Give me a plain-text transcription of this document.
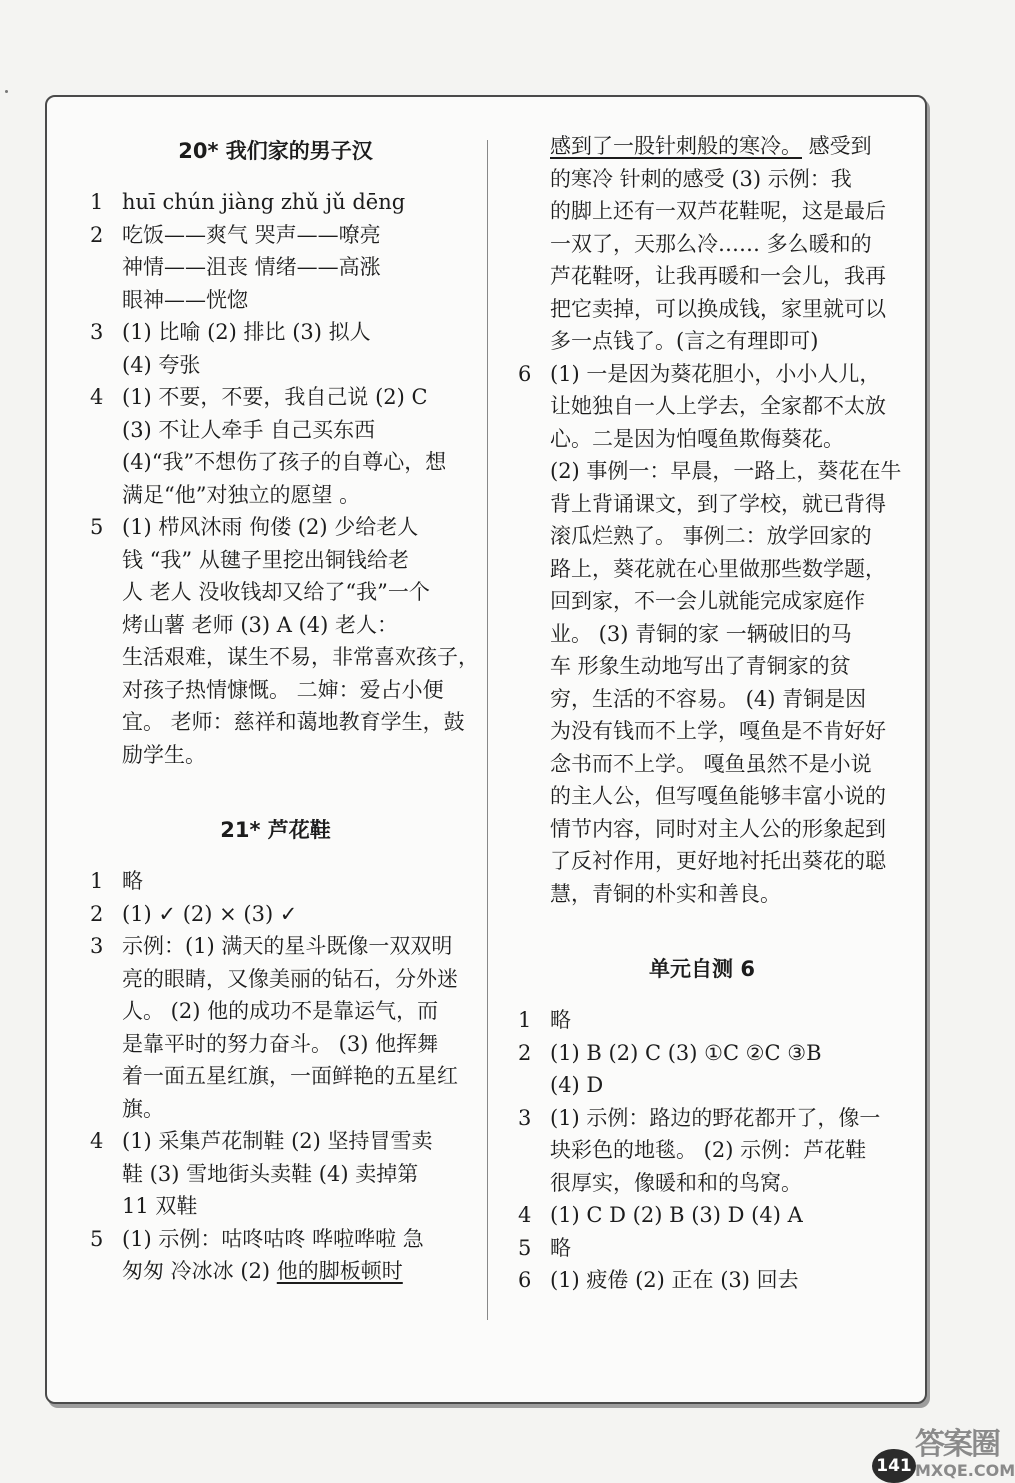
20* 我们家的男子汉
1 huī chún jiàng zhǔ jǔ dēng
2 吃饭——爽气 哭声——嘹亮
神情——沮丧 情绪——高涨
眼神——恍惚
3 (1) 比喻 (2) 排比 (3) 拟人
(4) 夸张
4 (1) 不要，不要，我自己说 (2) C
(3) 不让人牵手 自己买东西
(4)“我”不想伤了孩子的自尊心，想
满足“他”对独立的愿望 。
5 (1) 栉风沐雨 佝偻 (2) 少给老人
钱 “我” 从毽子里挖出铜钱给老
人 老人 没收钱却又给了“我”一个
烤山薯 老师 (3) A (4) 老人：
生活艰难，谋生不易，非常喜欢孩子，
对孩子热情慷慨。 二婶：爱占小便
宜。 老师：慈祥和蔼地教育学生，鼓
励学生。
21* 芦花鞋
1 略
2 (1) ✓ (2) × (3) ✓
3 示例：(1) 满天的星斗既像一双双明
亮的眼睛，又像美丽的钻石，分外迷
人。 (2) 他的成功不是靠运气，而
是靠平时的努力奋斗。 (3) 他挥舞
着一面五星红旗，一面鲜艳的五星红
旗。
4 (1) 采集芦花制鞋 (2) 坚持冒雪卖
鞋 (3) 雪地街头卖鞋 (4) 卖掉第
11 双鞋
5 (1) 示例：咕咚咕咚 哗啦哗啦 急
匆匆 冷冰冰 (2) 他的脚板顿时
感到了一股针刺般的寒冷。 感受到
的寒冷 针刺的感受 (3) 示例：我
的脚上还有一双芦花鞋呢，这是最后
一双了，天那么冷…… 多么暖和的
芦花鞋呀，让我再暖和一会儿，我再
把它卖掉，可以换成钱，家里就可以
多一点钱了。(言之有理即可)
6 (1) 一是因为葵花胆小，小小人儿，
让她独自一人上学去，全家都不太放
心。二是因为怕嘎鱼欺侮葵花。
(2) 事例一：早晨，一路上，葵花在牛
背上背诵课文，到了学校，就已背得
滚瓜烂熟了。 事例二：放学回家的
路上，葵花就在心里做那些数学题，
回到家，不一会儿就能完成家庭作
业。 (3) 青铜的家 一辆破旧的马
车 形象生动地写出了青铜家的贫
穷，生活的不容易。 (4) 青铜是因
为没有钱而不上学，嘎鱼是不肯好好
念书而不上学。 嘎鱼虽然不是小说
的主人公，但写嘎鱼能够丰富小说的
情节内容，同时对主人公的形象起到
了反衬作用，更好地衬托出葵花的聪
慧，青铜的朴实和善良。
单元自测 6
1 略
2 (1) B (2) C (3) ①C ②C ③B
(4) D
3 (1) 示例：路边的野花都开了，像一
块彩色的地毯。 (2) 示例：芦花鞋
很厚实，像暖和和的鸟窝。
4 (1) C D (2) B (3) D (4) A
5 略
6 (1) 疲倦 (2) 正在 (3) 回去
141
答案圈
MXQE.COM
